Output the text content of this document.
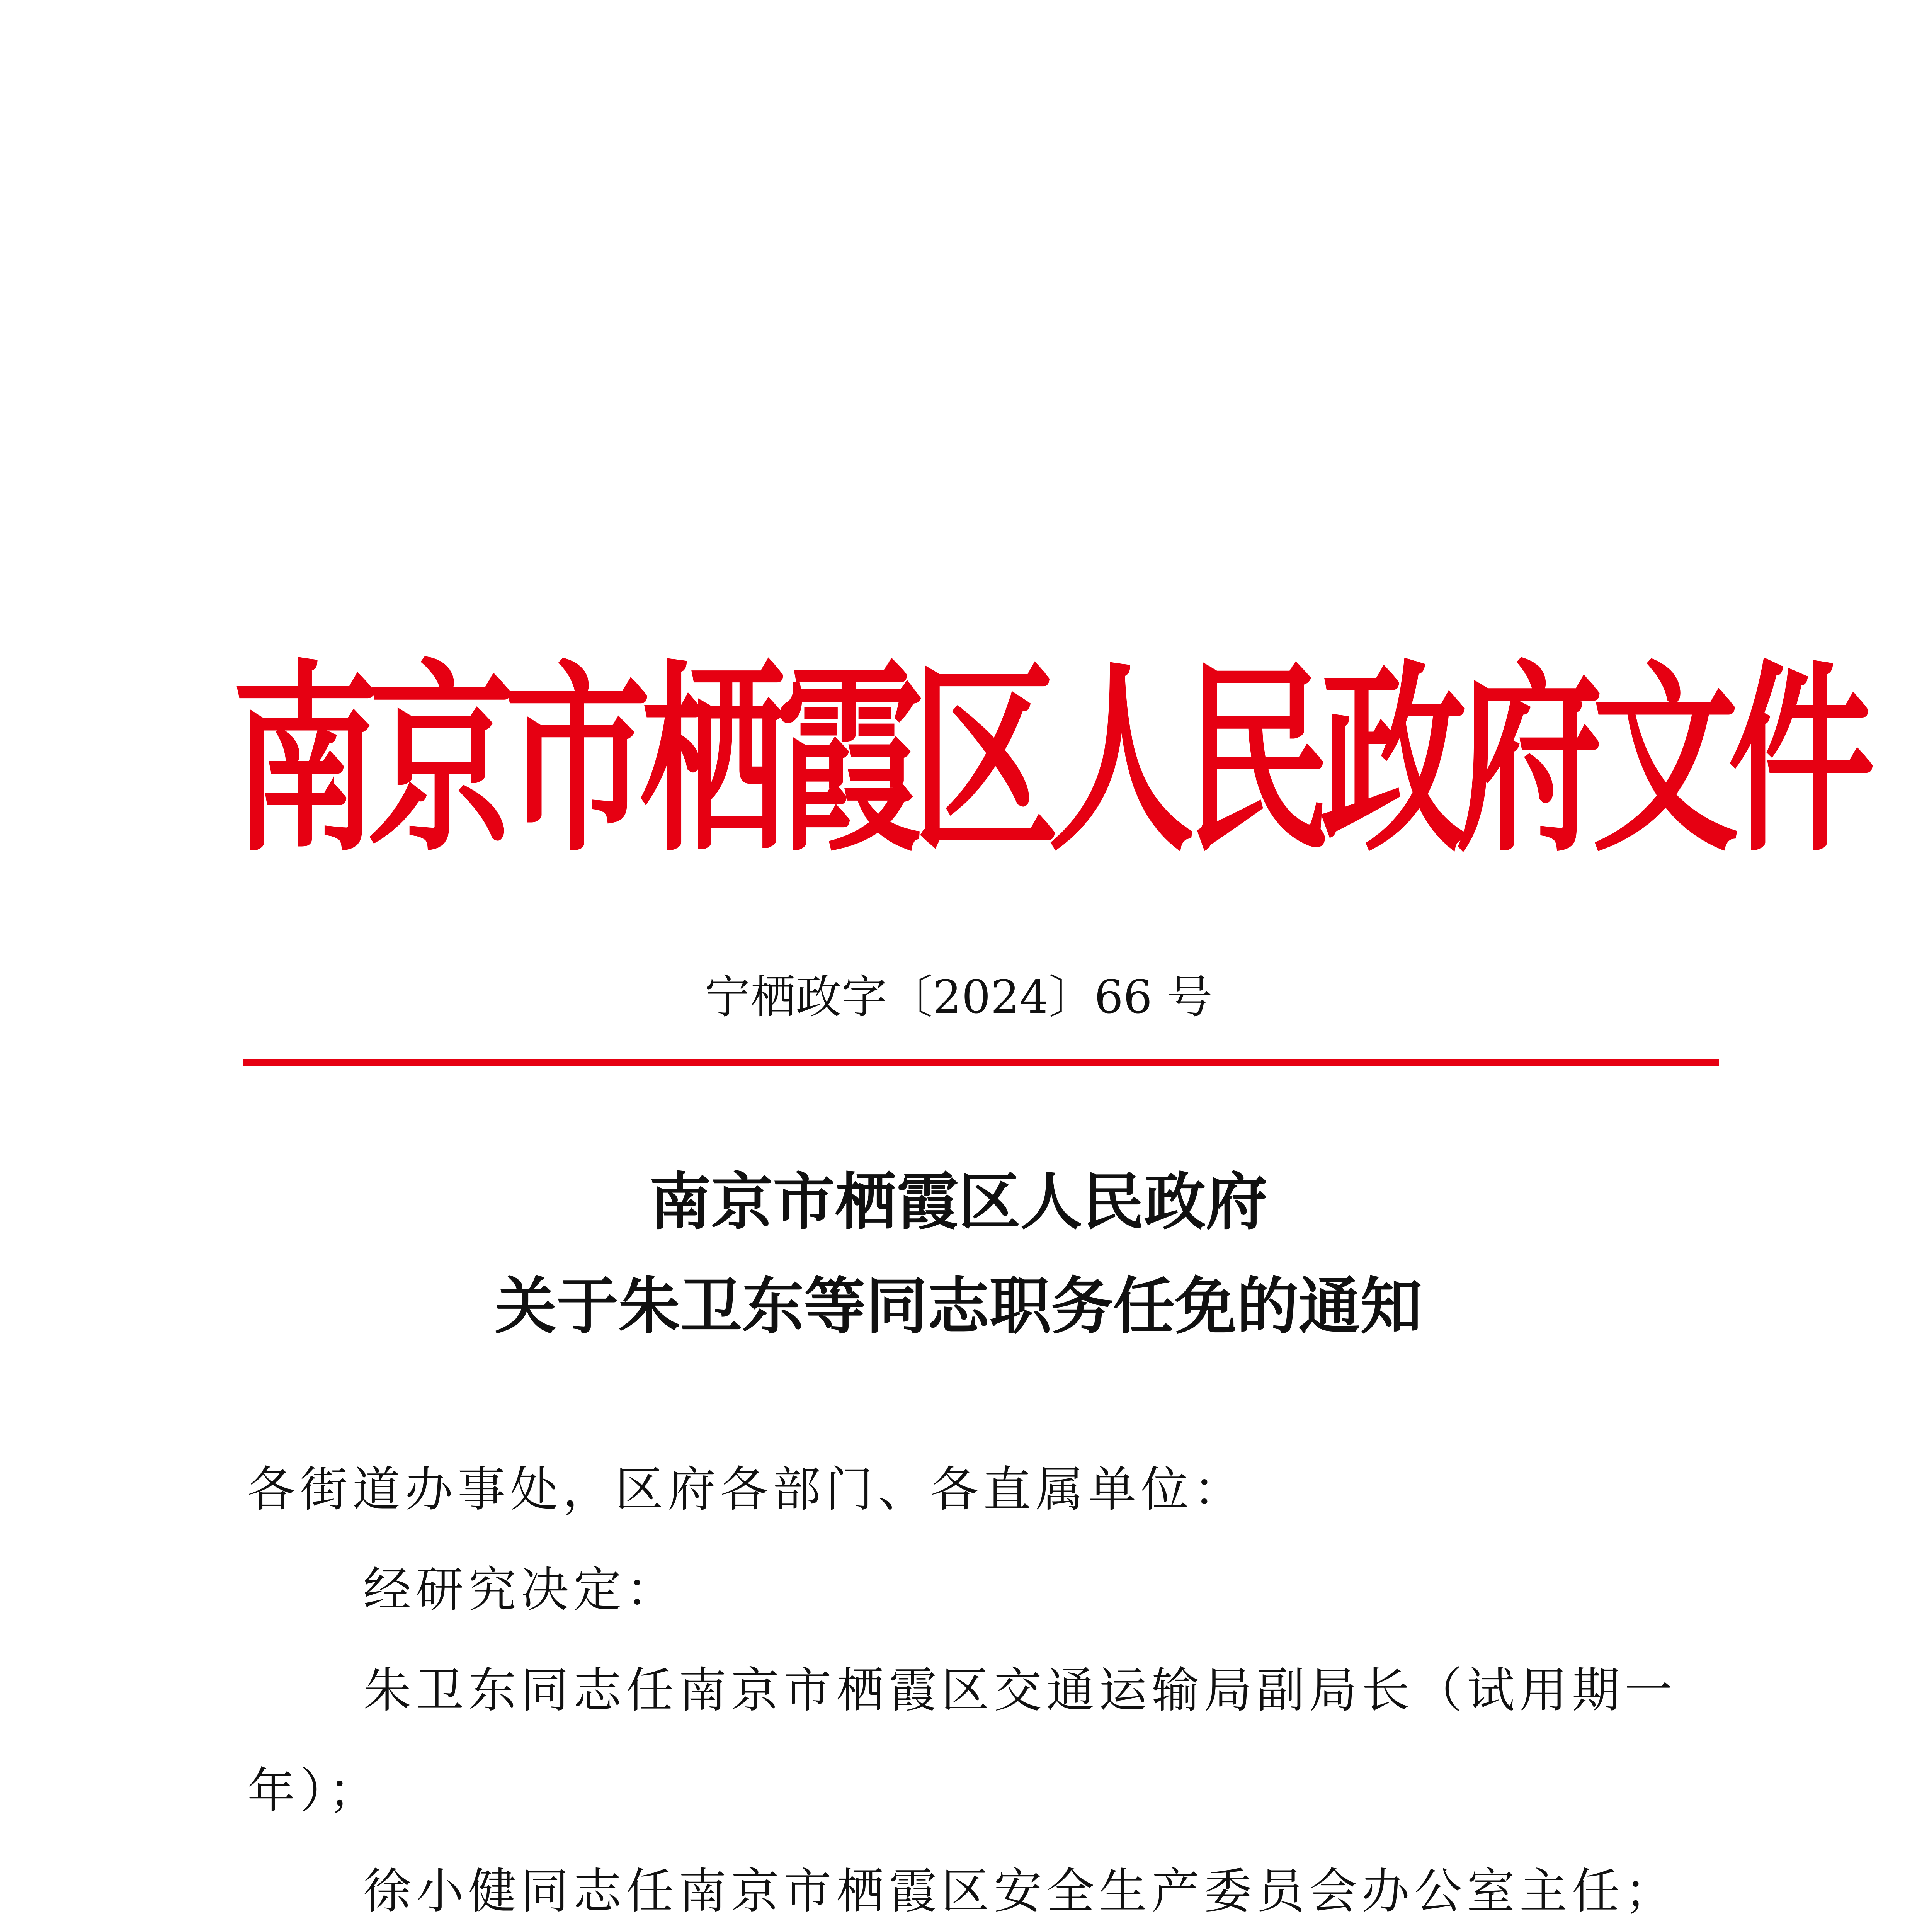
南京市栖霞区人民政府文件
宁栖政字〔2024〕66 号
南京市栖霞区人民政府
关于朱卫东等同志职务任免的通知
各街道办事处，区府各部门、各直属单位：
经研究决定：
朱卫东同志任南京市栖霞区交通运输局副局长（试用期一
年）；
徐小健同志任南京市栖霞区安全生产委员会办公室主任；
